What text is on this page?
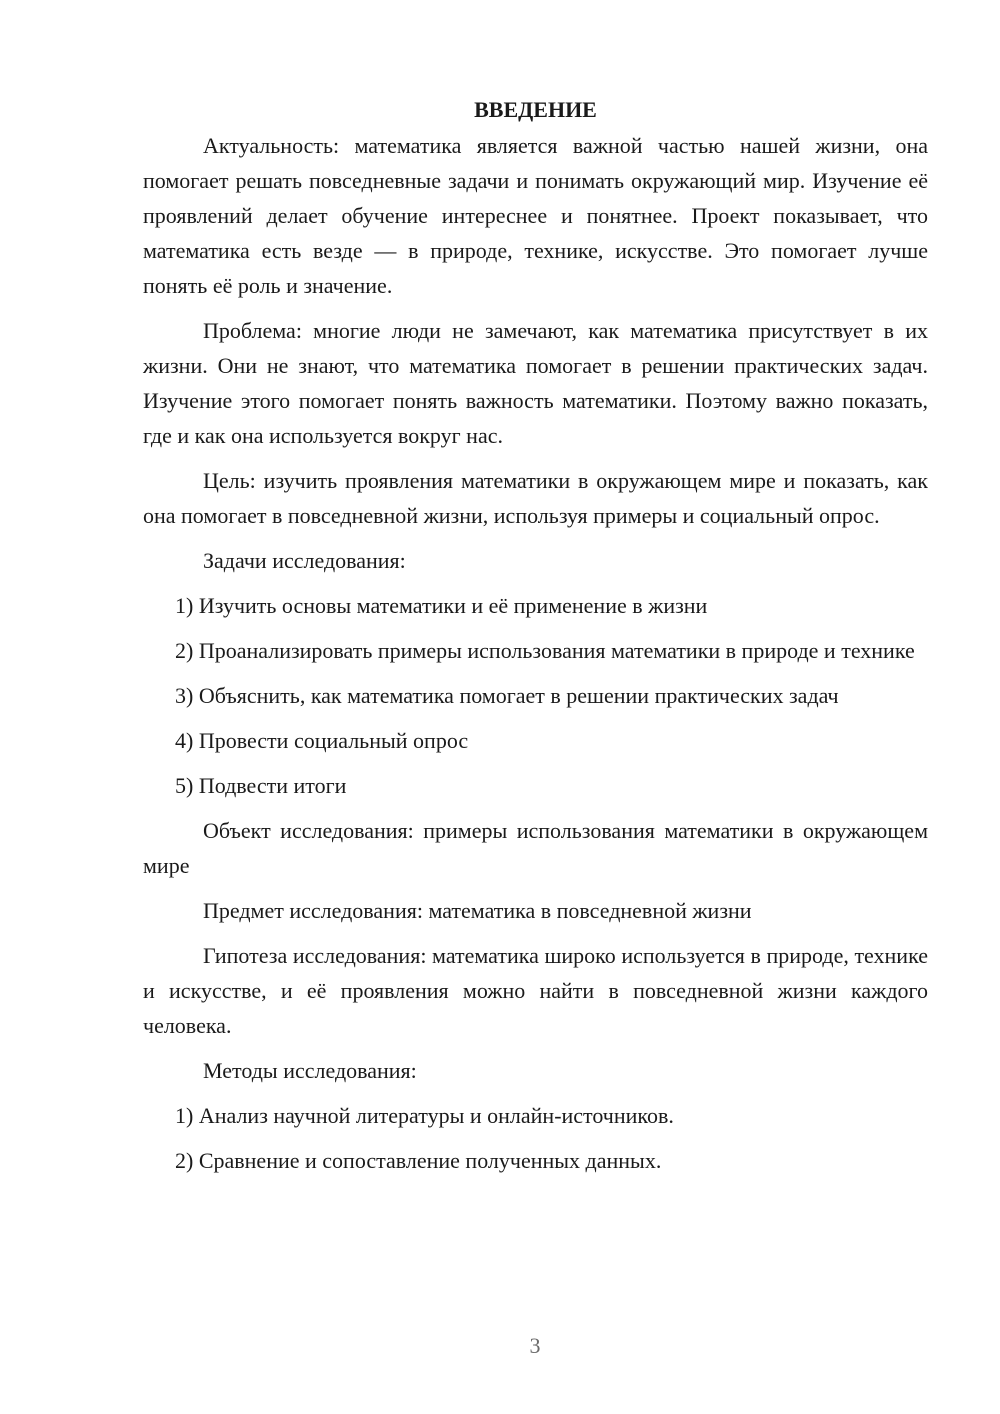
ВВЕДЕНИЕ

Актуальность: математика является важной частью нашей жизни, она помогает решать повседневные задачи и понимать окружающий мир. Изучение её проявлений делает обучение интереснее и понятнее. Проект показывает, что математика есть везде — в природе, технике, искусстве. Это помогает лучше понять её роль и значение.

Проблема: многие люди не замечают, как математика присутствует в их жизни. Они не знают, что математика помогает в решении практических задач. Изучение этого помогает понять важность математики. Поэтому важно показать, где и как она используется вокруг нас.

Цель: изучить проявления математики в окружающем мире и показать, как она помогает в повседневной жизни, используя примеры и социальный опрос.

Задачи исследования:

1) Изучить основы математики и её применение в жизни

2) Проанализировать примеры использования математики в природе и технике

3) Объяснить, как математика помогает в решении практических задач

4) Провести социальный опрос

5) Подвести итоги

Объект исследования: примеры использования математики в окружающем мире

Предмет исследования: математика в повседневной жизни

Гипотеза исследования: математика широко используется в природе, технике и искусстве, и её проявления можно найти в повседневной жизни каждого человека.

Методы исследования:

1) Анализ научной литературы и онлайн-источников.

2) Сравнение и сопоставление полученных данных.

3
